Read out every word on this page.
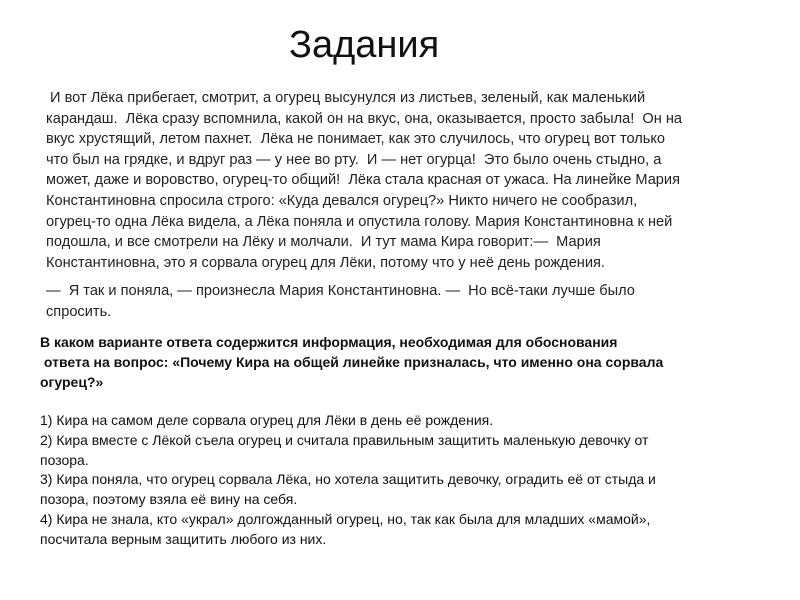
Задания
И вот Лёка прибегает, смотрит, а огурец высунулся из листьев, зеленый, как маленький
карандаш.  Лёка сразу вспомнила, какой он на вкус, она, оказывается, просто забыла!  Он на
вкус хрустящий, летом пахнет.  Лёка не понимает, как это случилось, что огурец вот только
что был на грядке, и вдруг раз — у нее во рту.  И — нет огурца!  Это было очень стыдно, а
может, даже и воровство, огурец-то общий!  Лёка стала красная от ужаса. На линейке Мария
Константиновна спросила строго: «Куда девался огурец?» Никто ничего не сообразил,
огурец-то одна Лёка видела, а Лёка поняла и опустила голову. Мария Константиновна к ней
подошла, и все смотрели на Лёку и молчали.  И тут мама Кира говорит:—  Мария
Константиновна, это я сорвала огурец для Лёки, потому что у неё день рождения.
—  Я так и поняла, — произнесла Мария Константиновна. —  Но всё-таки лучше было
спросить.
В каком варианте ответа содержится информация, необходимая для обоснования
ответа на вопрос: «Почему Кира на общей линейке призналась, что именно она сорвала
огурец?»
1) Кира на самом деле сорвала огурец для Лёки в день её рождения.
2) Кира вместе с Лёкой съела огурец и считала правильным защитить маленькую девочку от
позора.
3) Кира поняла, что огурец сорвала Лёка, но хотела защитить девочку, оградить её от стыда и
позора, поэтому взяла её вину на себя.
4) Кира не знала, кто «украл» долгожданный огурец, но, так как была для младших «мамой»,
посчитала верным защитить любого из них.
